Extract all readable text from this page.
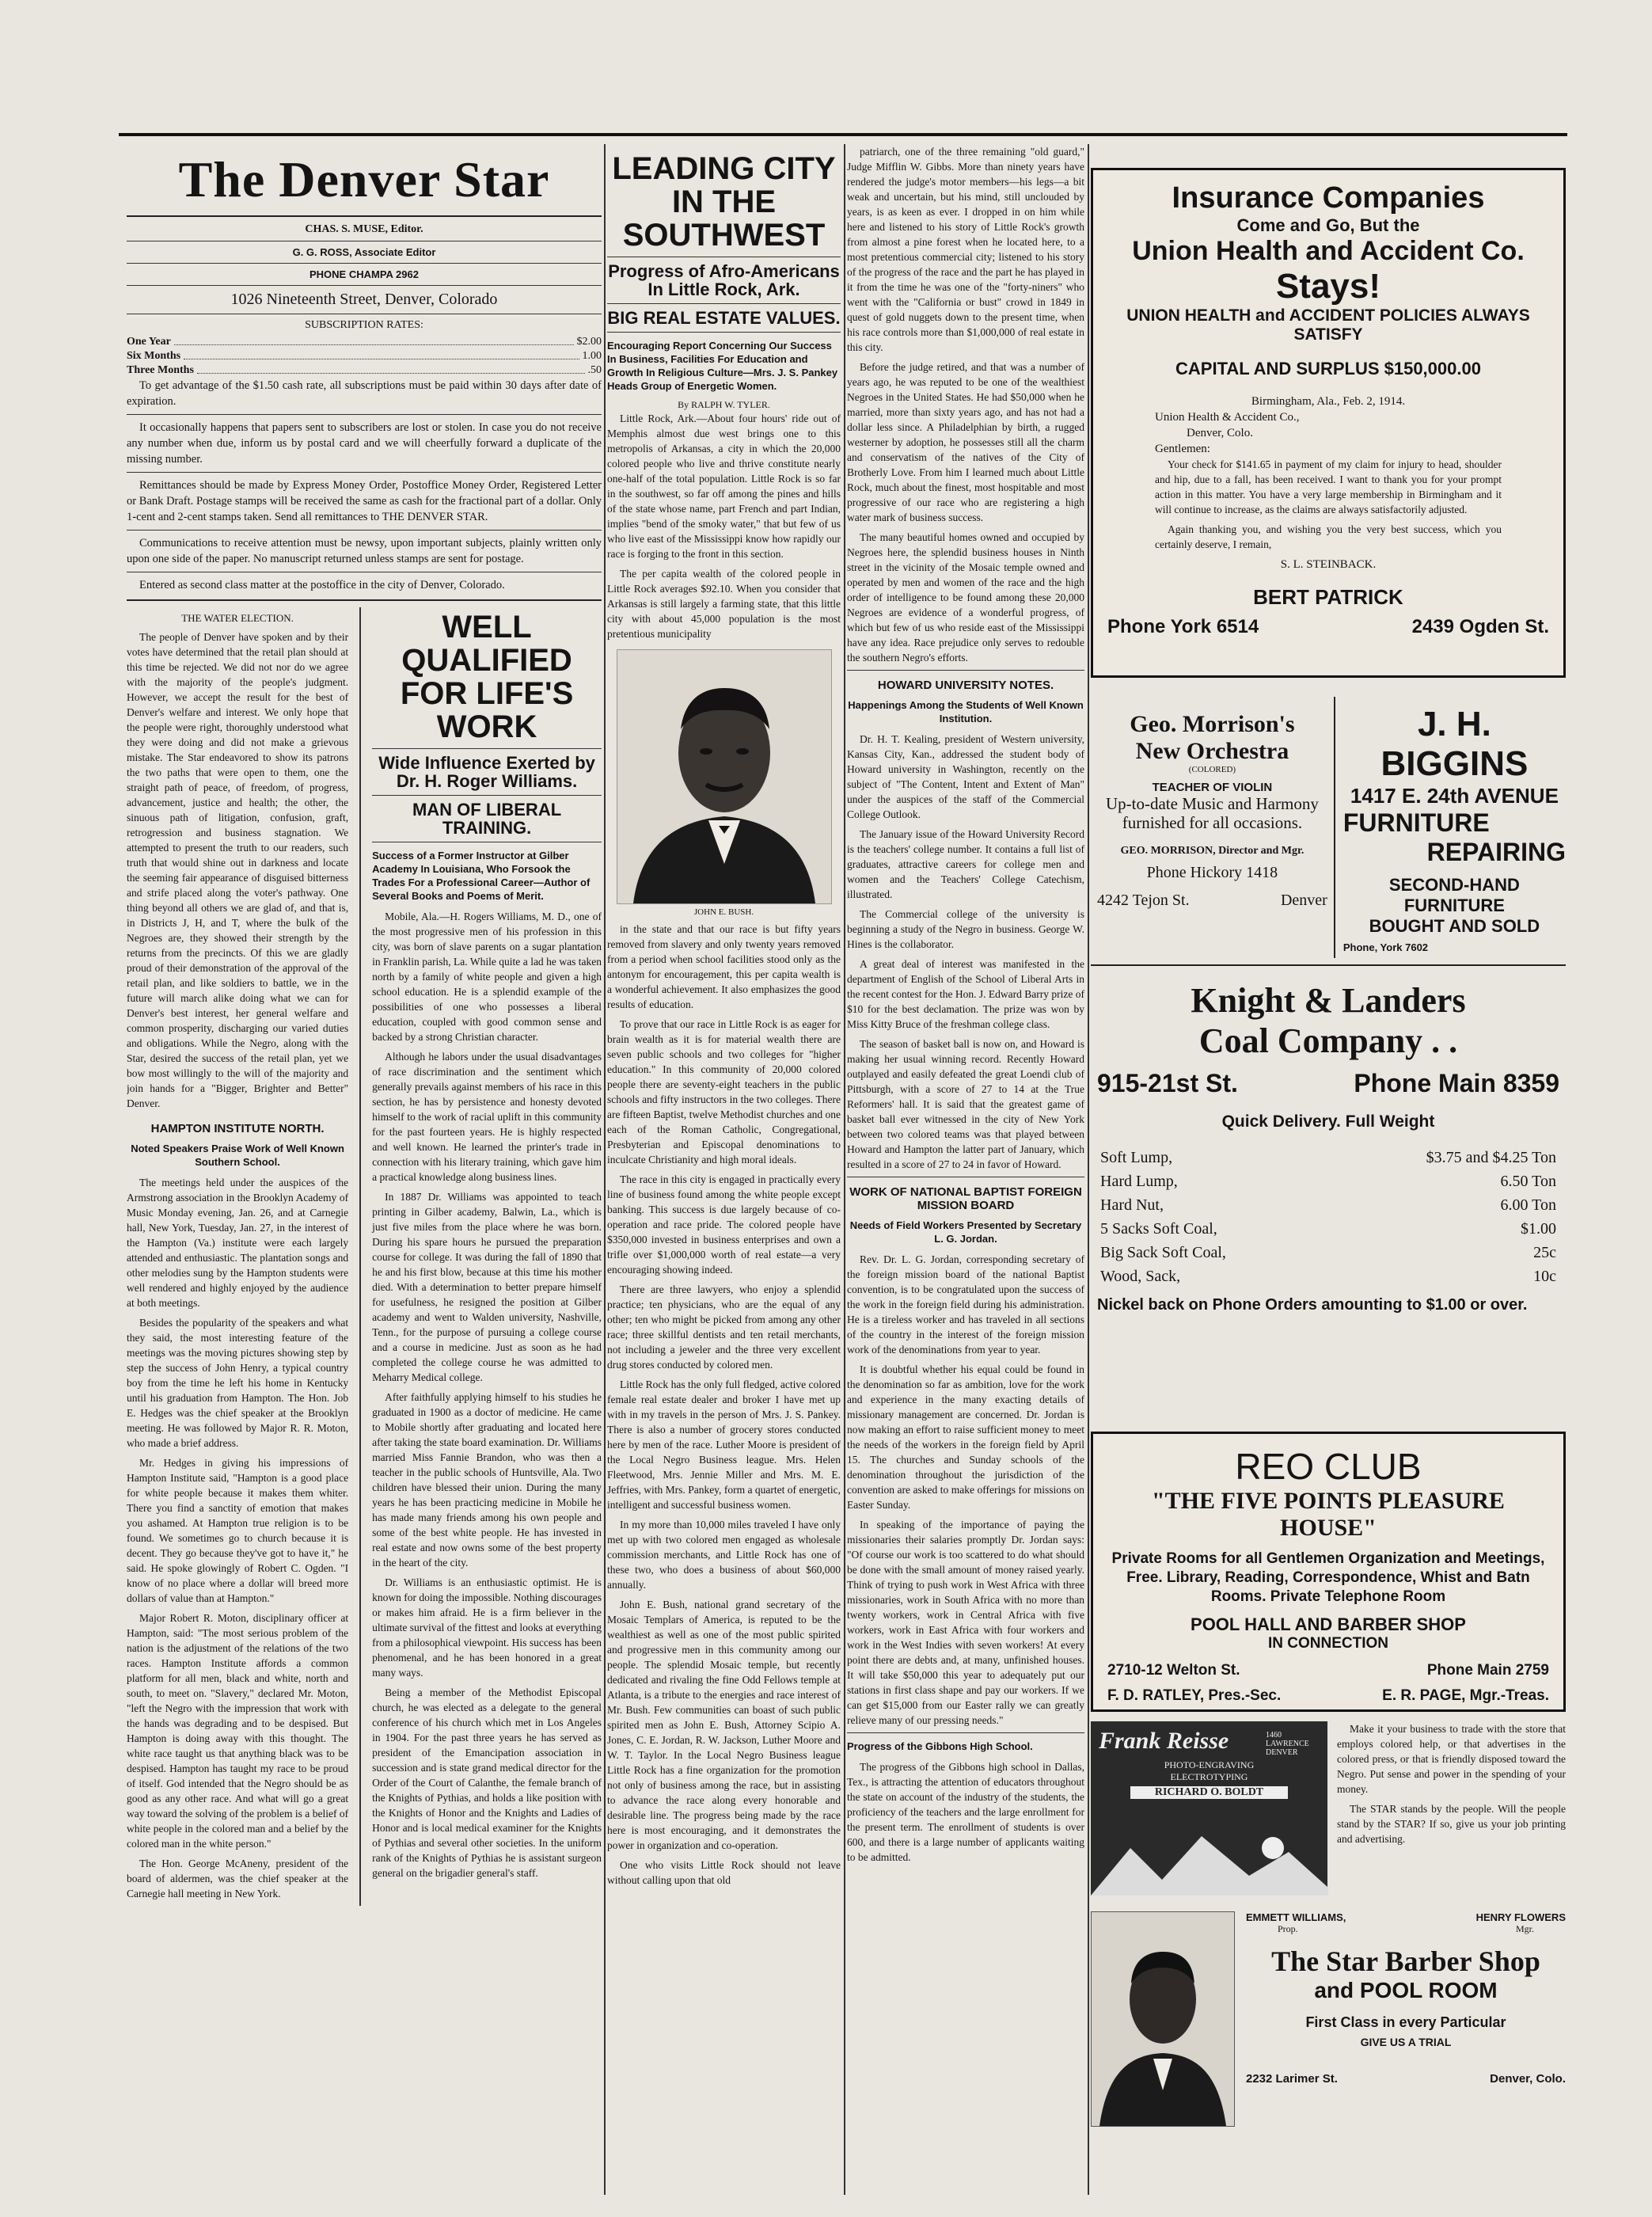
The Denver Star
CHAS. S. MUSE, Editor.
G. G. ROSS, Associate Editor
PHONE CHAMPA 2962
1026 Nineteenth Street, Denver, Colorado
SUBSCRIPTION RATES:
One Year	$2.00
Six Months	1.00
Three Months	.50

To get advantage of the $1.50 cash rate, all subscriptions must be paid within 30 days after date of expiration.

It occasionally happens that papers sent to subscribers are lost or stolen. In case you do not receive any number when due, inform us by postal card and we will cheerfully forward a duplicate of the missing number.

Remittances should be made by Express Money Order, Postoffice Money Order, Registered Letter or Bank Draft. Postage stamps will be received the same as cash for the fractional part of a dollar. Only 1-cent and 2-cent stamps taken. Send all remittances to THE DENVER STAR.

Communications to receive attention must be newsy, upon important subjects, plainly written only upon one side of the paper. No manuscript returned unless stamps are sent for postage.

Entered as second class matter at the postoffice in the city of Denver, Colorado.

THE WATER ELECTION.

The people of Denver have spoken and by their votes have determined that the retail plan should at this time be rejected. We did not nor do we agree with the majority of the people's judgment. However, we accept the result for the best of Denver's welfare and interest. We only hope that the people were right, thoroughly understood what they were doing and did not make a grievous mistake. The Star endeavored to show its patrons the two paths that were open to them, one the straight path of peace, of freedom, of progress, advancement, justice and health; the other, the sinuous path of litigation, confusion, graft, retrogression and business stagnation. We attempted to present the truth to our readers, such truth that would shine out in darkness and locate the seeming fair appearance of disguised bitterness and strife placed along the voter's pathway. One thing beyond all others we are glad of, and that is, in Districts J, H, and T, where the bulk of the Negroes are, they showed their strength by the returns from the precincts. Of this we are gladly proud of their demonstration of the approval of the retail plan, and like soldiers to battle, we in the future will march alike doing what we can for Denver's best interest, her general welfare and common prosperity, discharging our varied duties and obligations. While the Negro, along with the Star, desired the success of the retail plan, yet we bow most willingly to the will of the majority and join hands for a "Bigger, Brighter and Better" Denver.

HAMPTON INSTITUTE NORTH.
Noted Speakers Praise Work of Well Known Southern School.

The meetings held under the auspices of the Armstrong association in the Brooklyn Academy of Music Monday evening, Jan. 26, and at Carnegie hall, New York, Tuesday, Jan. 27, in the interest of the Hampton (Va.) institute were each largely attended and enthusiastic. The plantation songs and other melodies sung by the Hampton students were well rendered and highly enjoyed by the audience at both meetings.

Besides the popularity of the speakers and what they said, the most interesting feature of the meetings was the moving pictures showing step by step the success of John Henry, a typical country boy from the time he left his home in Kentucky until his graduation from Hampton. The Hon. Job E. Hedges was the chief speaker at the Brooklyn meeting. He was followed by Major R. R. Moton, who made a brief address.

Mr. Hedges in giving his impressions of Hampton Institute said, "Hampton is a good place for white people because it makes them whiter. There you find a sanctity of emotion that makes you ashamed. At Hampton true religion is to be found. We sometimes go to church because it is decent. They go because they've got to have it," he said. He spoke glowingly of Robert C. Ogden. "I know of no place where a dollar will breed more dollars of value than at Hampton."

Major Robert R. Moton, disciplinary officer at Hampton, said: "The most serious problem of the nation is the adjustment of the relations of the two races. Hampton Institute affords a common platform for all men, black and white, north and south, to meet on. "Slavery," declared Mr. Moton, "left the Negro with the impression that work with the hands was degrading and to be despised. But Hampton is doing away with this thought. The white race taught us that anything black was to be despised. Hampton has taught my race to be proud of itself. God intended that the Negro should be as good as any other race. And what will go a great way toward the solving of the problem is a belief of white people in the colored man and a belief by the colored man in the white person."

The Hon. George McAneny, president of the board of aldermen, was the chief speaker at the Carnegie hall meeting in New York.

WELL QUALIFIED FOR LIFE'S WORK
Wide Influence Exerted by Dr. H. Roger Williams.
MAN OF LIBERAL TRAINING.
Success of a Former Instructor at Gilber Academy In Louisiana, Who Forsook the Trades For a Professional Career—Author of Several Books and Poems of Merit.

Mobile, Ala.—H. Rogers Williams, M. D., one of the most progressive men of his profession in this city, was born of slave parents on a sugar plantation in Franklin parish, La. While quite a lad he was taken north by a family of white people and given a high school education. He is a splendid example of the possibilities of one who possesses a liberal education, coupled with good common sense and backed by a strong Christian character.

Although he labors under the usual disadvantages of race discrimination and the sentiment which generally prevails against members of his race in this section, he has by persistence and honesty devoted himself to the work of racial uplift in this community for the past fourteen years. He is highly respected and well known. He learned the printer's trade in connection with his literary training, which gave him a practical knowledge along business lines.

In 1887 Dr. Williams was appointed to teach printing in Gilber academy, Balwin, La., which is just five miles from the place where he was born. During his spare hours he pursued the preparation course for college. It was during the fall of 1890 that he and his first blow, because at this time his mother died. With a determination to better prepare himself for usefulness, he resigned the position at Gilber academy and went to Walden university, Nashville, Tenn., for the purpose of pursuing a college course and a course in medicine. Just as soon as he had completed the college course he was admitted to Meharry Medical college.

After faithfully applying himself to his studies he graduated in 1900 as a doctor of medicine. He came to Mobile shortly after graduating and located here after taking the state board examination. Dr. Williams married Miss Fannie Brandon, who was then a teacher in the public schools of Huntsville, Ala. Two children have blessed their union. During the many years he has been practicing medicine in Mobile he has made many friends among his own people and some of the best white people. He has invested in real estate and now owns some of the best property in the heart of the city.

Dr. Williams is an enthusiastic optimist. He is known for doing the impossible. Nothing discourages or makes him afraid. He is a firm believer in the ultimate survival of the fittest and looks at everything from a philosophical viewpoint. His success has been phenomenal, and he has been honored in a great many ways.

Being a member of the Methodist Episcopal church, he was elected as a delegate to the general conference of his church which met in Los Angeles in 1904. For the past three years he has served as president of the Emancipation association in succession and is state grand medical director for the Order of the Court of Calanthe, the female branch of the Knights of Pythias, and holds a like position with the Knights of Honor and the Knights and Ladies of Honor and is local medical examiner for the Knights of Pythias and several other societies. In the uniform rank of the Knights of Pythias he is assistant surgeon general on the brigadier general's staff.

LEADING CITY IN THE SOUTHWEST
Progress of Afro-Americans In Little Rock, Ark.
BIG REAL ESTATE VALUES.
Encouraging Report Concerning Our Success In Business, Facilities For Education and Growth In Religious Culture—Mrs. J. S. Pankey Heads Group of Energetic Women.
By RALPH W. TYLER.

Little Rock, Ark.—About four hours' ride out of Memphis almost due west brings one to this metropolis of Arkansas, a city in which the 20,000 colored people who live and thrive constitute nearly one-half of the total population. Little Rock is so far in the southwest, so far off among the pines and hills of the state whose name, part French and part Indian, implies "bend of the smoky water," that but few of us who live east of the Mississippi know how rapidly our race is forging to the front in this section.

The per capita wealth of the colored people in Little Rock averages $92.10. When you consider that Arkansas is still largely a farming state, that this little city with about 45,000 population is the most pretentious municipality

JOHN E. BUSH.

in the state and that our race is but fifty years removed from slavery and only twenty years removed from a period when school facilities stood only as the antonym for encouragement, this per capita wealth is a wonderful achievement. It also emphasizes the good results of education.

To prove that our race in Little Rock is as eager for brain wealth as it is for material wealth there are seven public schools and two colleges for "higher education." In this community of 20,000 colored people there are seventy-eight teachers in the public schools and fifty instructors in the two colleges. There are fifteen Baptist, twelve Methodist churches and one each of the Roman Catholic, Congregational, Presbyterian and Episcopal denominations to inculcate Christianity and high moral ideals.

The race in this city is engaged in practically every line of business found among the white people except banking. This success is due largely because of co-operation and race pride. The colored people have $350,000 invested in business enterprises and own a trifle over $1,000,000 worth of real estate—a very encouraging showing indeed.

There are three lawyers, who enjoy a splendid practice; ten physicians, who are the equal of any other; ten who might be picked from among any other race; three skillful dentists and ten retail merchants, not including a jeweler and the three very excellent drug stores conducted by colored men.

Little Rock has the only full fledged, active colored female real estate dealer and broker I have met up with in my travels in the person of Mrs. J. S. Pankey. There is also a number of grocery stores conducted here by men of the race. Luther Moore is president of the Local Negro Business league. Mrs. Helen Fleetwood, Mrs. Jennie Miller and Mrs. M. E. Jeffries, with Mrs. Pankey, form a quartet of energetic, intelligent and successful business women.

In my more than 10,000 miles traveled I have only met up with two colored men engaged as wholesale commission merchants, and Little Rock has one of these two, who does a business of about $60,000 annually.

John E. Bush, national grand secretary of the Mosaic Templars of America, is reputed to be the wealthiest as well as one of the most public spirited and progressive men in this community among our people. The splendid Mosaic temple, but recently dedicated and rivaling the fine Odd Fellows temple at Atlanta, is a tribute to the energies and race interest of Mr. Bush. Few communities can boast of such public spirited men as John E. Bush, Attorney Scipio A. Jones, C. E. Jordan, R. W. Jackson, Luther Moore and W. T. Taylor. In the Local Negro Business league Little Rock has a fine organization for the promotion not only of business among the race, but in assisting to advance the race along every honorable and desirable line. The progress being made by the race here is most encouraging, and it demonstrates the power in organization and co-operation.

One who visits Little Rock should not leave without calling upon that old

patriarch, one of the three remaining "old guard," Judge Mifflin W. Gibbs. More than ninety years have rendered the judge's motor members—his legs—a bit weak and uncertain, but his mind, still unclouded by years, is as keen as ever. I dropped in on him while here and listened to his story of Little Rock's growth from almost a pine forest when he located here, to a most pretentious commercial city; listened to his story of the progress of the race and the part he has played in it from the time he was one of the "forty-niners" who went with the "California or bust" crowd in 1849 in quest of gold nuggets down to the present time, when his race controls more than $1,000,000 of real estate in this city.

Before the judge retired, and that was a number of years ago, he was reputed to be one of the wealthiest Negroes in the United States. He had $50,000 when he married, more than sixty years ago, and has not had a dollar less since. A Philadelphian by birth, a rugged westerner by adoption, he possesses still all the charm and conservatism of the natives of the City of Brotherly Love. From him I learned much about Little Rock, much about the finest, most hospitable and most progressive of our race who are registering a high water mark of business success.

The many beautiful homes owned and occupied by Negroes here, the splendid business houses in Ninth street in the vicinity of the Mosaic temple owned and operated by men and women of the race and the high order of intelligence to be found among these 20,000 Negroes are evidence of a wonderful progress, of which but few of us who reside east of the Mississippi have any idea. Race prejudice only serves to redouble the southern Negro's efforts.

HOWARD UNIVERSITY NOTES.
Happenings Among the Students of Well Known Institution.

Dr. H. T. Kealing, president of Western university, Kansas City, Kan., addressed the student body of Howard university in Washington, recently on the subject of "The Content, Intent and Extent of Man" under the auspices of the staff of the Commercial College Outlook.

The January issue of the Howard University Record is the teachers' college number. It contains a full list of graduates, attractive careers for college men and women and the Teachers' College Catechism, illustrated.

The Commercial college of the university is beginning a study of the Negro in business. George W. Hines is the collaborator.

A great deal of interest was manifested in the department of English of the School of Liberal Arts in the recent contest for the Hon. J. Edward Barry prize of $10 for the best declamation. The prize was won by Miss Kitty Bruce of the freshman college class.

The season of basket ball is now on, and Howard is making her usual winning record. Recently Howard outplayed and easily defeated the great Loendi club of Pittsburgh, with a score of 27 to 14 at the True Reformers' hall. It is said that the greatest game of basket ball ever witnessed in the city of New York between two colored teams was that played between Howard and Hampton the latter part of January, which resulted in a score of 27 to 24 in favor of Howard.

WORK OF NATIONAL BAPTIST FOREIGN MISSION BOARD
Needs of Field Workers Presented by Secretary L. G. Jordan.

Rev. Dr. L. G. Jordan, corresponding secretary of the foreign mission board of the national Baptist convention, is to be congratulated upon the success of the work in the foreign field during his administration. He is a tireless worker and has traveled in all sections of the country in the interest of the foreign mission work of the denominations from year to year.

It is doubtful whether his equal could be found in the denomination so far as ambition, love for the work and experience in the many exacting details of missionary management are concerned. Dr. Jordan is now making an effort to raise sufficient money to meet the needs of the workers in the foreign field by April 15. The churches and Sunday schools of the denomination throughout the jurisdiction of the convention are asked to make offerings for missions on Easter Sunday.

In speaking of the importance of paying the missionaries their salaries promptly Dr. Jordan says: "Of course our work is too scattered to do what should be done with the small amount of money raised yearly. Think of trying to push work in West Africa with three missionaries, work in South Africa with no more than twenty workers, work in Central Africa with five workers, work in East Africa with four workers and work in the West Indies with seven workers! At every point there are debts and, at many, unfinished houses. It will take $50,000 this year to adequately put our stations in first class shape and pay our workers. If we can get $15,000 from our Easter rally we can greatly relieve many of our pressing needs."

Progress of the Gibbons High School.

The progress of the Gibbons high school in Dallas, Tex., is attracting the attention of educators throughout the state on account of the industry of the students, the proficiency of the teachers and the large enrollment for the present term. The enrollment of students is over 600, and there is a large number of applicants waiting to be admitted.

Insurance Companies
Come and Go, But the
Union Health and Accident Co.
Stays!
UNION HEALTH and ACCIDENT POLICIES ALWAYS SATISFY
CAPITAL AND SURPLUS $150,000.00
Birmingham, Ala., Feb. 2, 1914.
Union Health & Accident Co.,
Denver, Colo.
Gentlemen:

Your check for $141.65 in payment of my claim for injury to head, shoulder and hip, due to a fall, has been received. I want to thank you for your prompt action in this matter. You have a very large membership in Birmingham and it will continue to increase, as the claims are always satisfactorily adjusted.

Again thanking you, and wishing you the very best success, which you certainly deserve, I remain,

S. L. STEINBACK.
BERT PATRICK
Phone York 6514	2439 Ogden St.
Geo. Morrison's
New Orchestra
(COLORED)
TEACHER OF VIOLIN
Up-to-date Music and Harmony furnished for all occasions.
GEO. MORRISON, Director and Mgr.
Phone Hickory 1418
4242 Tejon St.	Denver
J. H. BIGGINS
1417 E. 24th AVENUE
FURNITURE
REPAIRING
SECOND-HAND FURNITURE
BOUGHT AND SOLD
Phone, York 7602
Knight & Landers
Coal Company . .
915-21st St.	Phone Main 8359
Quick Delivery. Full Weight
Soft Lump,	$3.75 and $4.25 Ton
Hard Lump,	6.50 Ton
Hard Nut,	6.00 Ton
5 Sacks Soft Coal,	$1.00
Big Sack Soft Coal,	25c
Wood, Sack,	10c
Nickel back on Phone Orders amounting to $1.00 or over.
REO CLUB
"THE FIVE POINTS PLEASURE HOUSE"
Private Rooms for all Gentlemen Organization and Meetings, Free. Library, Reading, Correspondence, Whist and Batn Rooms. Private Telephone Room
POOL HALL AND BARBER SHOP
IN CONNECTION
2710-12 Welton St.	Phone Main 2759
F. D. RATLEY, Pres.-Sec.	E. R. PAGE, Mgr.-Treas.
Frank Reisse	1460 LAWRENCE DENVER
PHOTO-ENGRAVING
ELECTROTYPING
RICHARD O. BOLDT

Make it your business to trade with the store that employs colored help, or that advertises in the colored press, or that is friendly disposed toward the Negro. Put sense and power in the spending of your money.

The STAR stands by the people. Will the people stand by the STAR? If so, give us your job printing and advertising.

EMMETT WILLIAMS,	HENRY FLOWERS
Prop.	Mgr.
The Star Barber Shop
and POOL ROOM
First Class in every Particular
GIVE US A TRIAL
2232 Larimer St.	Denver, Colo.
